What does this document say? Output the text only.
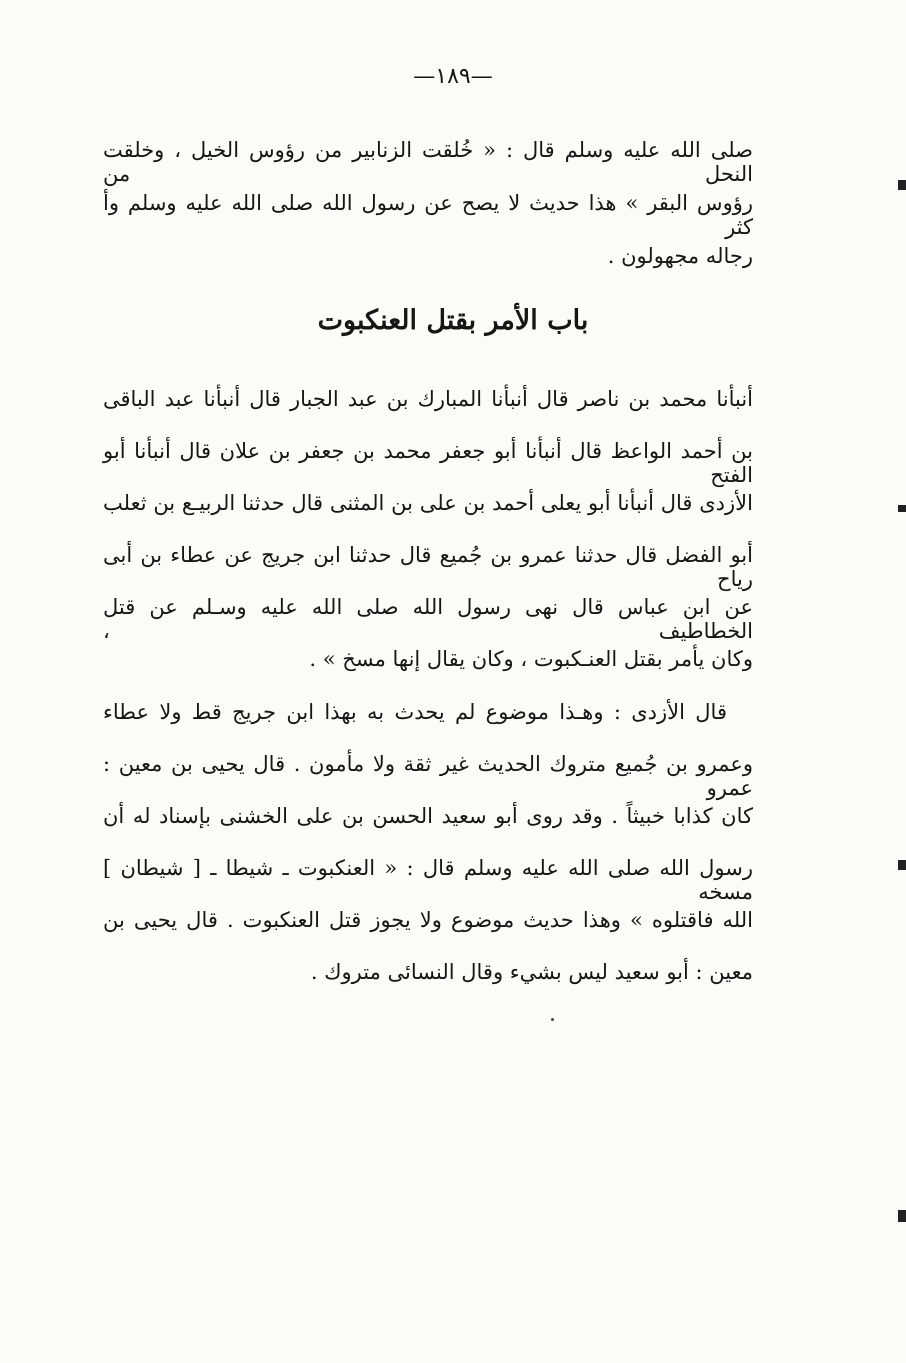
—١٨٩—
صلى الله عليه وسلم قال : « خُلقت الزنابير من رؤوس الخيل ، وخلقت النحل من
رؤوس البقر » هذا حديث لا يصح عن رسول الله صلى الله عليه وسلم وأ كثر
رجاله مجهولون .
باب الأمر بقتل العنكبوت
أنبأنا محمد بن ناصر قال أنبأنا المبارك بن عبد الجبار قال أنبأنا عبد الباقى
بن أحمد الواعظ قال أنبأنا أبو جعفر محمد بن جعفر بن علان قال أنبأنا أبو الفتح
الأزدى قال أنبأنا أبو يعلى أحمد بن على بن المثنى قال حدثنا الربيـع بن ثعلب
أبو الفضل قال حدثنا عمرو بن جُميع قال حدثنا ابن جريج عن عطاء بن أبى رياح
عن ابن عباس قال نهى رسول الله صلى الله عليه وسـلم عن قتل الخطاطيف ،
وكان يأمر بقتل العنـكبوت ، وكان يقال إنها مسخ » .
قال الأزدى : وهـذا موضوع لم يحدث به بهذا ابن جريج قط ولا عطاء
وعمرو بن جُميع متروك الحديث غير ثقة ولا مأمون . قال يحيى بن معين : عمرو
كان كذابا خبيثاً . وقد روى أبو سعيد الحسن بن على الخشنى بإسناد له أن
رسول الله صلى الله عليه وسلم قال : « العنكبوت ـ شيطا ـ [ شيطان ] مسخه
الله فاقتلوه » وهذا حديث موضوع ولا يجوز قتل العنكبوت . قال يحيى بن
معين : أبو سعيد ليس بشيء وقال النسائى متروك .
